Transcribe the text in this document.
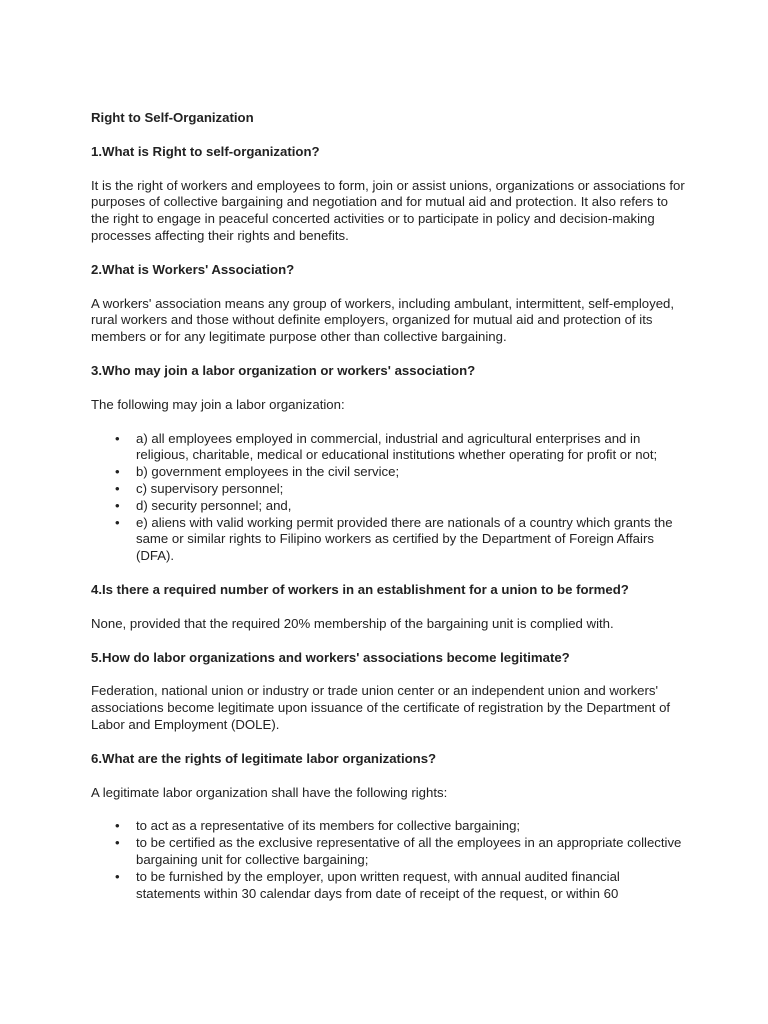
Right to Self-Organization

1.What is Right to self-organization?

It is the right of workers and employees to form, join or assist unions, organizations or associations for purposes of collective bargaining and negotiation and for mutual aid and protection. It also refers to the right to engage in peaceful concerted activities or to participate in policy and decision-making processes affecting their rights and benefits.

2.What is Workers' Association?

A workers' association means any group of workers, including ambulant, intermittent, self-employed, rural workers and those without definite employers, organized for mutual aid and protection of its members or for any legitimate purpose other than collective bargaining.

3.Who may join a labor organization or workers' association?

The following may join a labor organization:

• a) all employees employed in commercial, industrial and agricultural enterprises and in religious, charitable, medical or educational institutions whether operating for profit or not;
• b) government employees in the civil service;
• c) supervisory personnel;
• d) security personnel; and,
• e) aliens with valid working permit provided there are nationals of a country which grants the same or similar rights to Filipino workers as certified by the Department of Foreign Affairs (DFA).

4.Is there a required number of workers in an establishment for a union to be formed?

None, provided that the required 20% membership of the bargaining unit is complied with.

5.How do labor organizations and workers' associations become legitimate?

Federation, national union or industry or trade union center or an independent union and workers' associations become legitimate upon issuance of the certificate of registration by the Department of Labor and Employment (DOLE).

6.What are the rights of legitimate labor organizations?

A legitimate labor organization shall have the following rights:

• to act as a representative of its members for collective bargaining;
• to be certified as the exclusive representative of all the employees in an appropriate collective bargaining unit for collective bargaining;
• to be furnished by the employer, upon written request, with annual audited financial statements within 30 calendar days from date of receipt of the request, or within 60
